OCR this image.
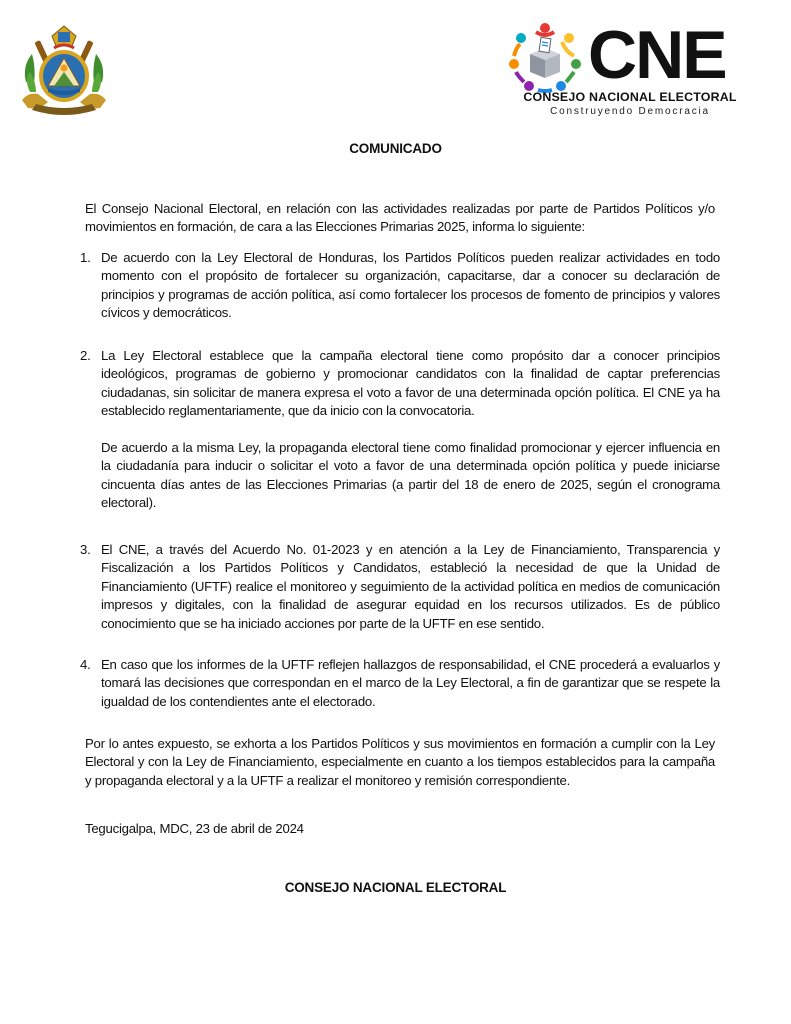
CNE
CONSEJO NACIONAL ELECTORAL
Construyendo Democracia
COMUNICADO
El Consejo Nacional Electoral, en relación con las actividades realizadas por parte de Partidos Políticos y/o movimientos en formación, de cara a las Elecciones Primarias 2025, informa lo siguiente:
1. De acuerdo con la Ley Electoral de Honduras, los Partidos Políticos pueden realizar actividades en todo momento con el propósito de fortalecer su organización, capacitarse, dar a conocer su declaración de principios y programas de acción política, así como fortalecer los procesos de fomento de principios y valores cívicos y democráticos.

2. La Ley Electoral establece que la campaña electoral tiene como propósito dar a conocer principios ideológicos, programas de gobierno y promocionar candidatos con la finalidad de captar preferencias ciudadanas, sin solicitar de manera expresa el voto a favor de una determinada opción política. El CNE ya ha establecido reglamentariamente, que da inicio con la convocatoria.

De acuerdo a la misma Ley, la propaganda electoral tiene como finalidad promocionar y ejercer influencia en la ciudadanía para inducir o solicitar el voto a favor de una determinada opción política y puede iniciarse cincuenta días antes de las Elecciones Primarias (a partir del 18 de enero de 2025, según el cronograma electoral).

3. El CNE, a través del Acuerdo No. 01-2023 y en atención a la Ley de Financiamiento, Transparencia y Fiscalización a los Partidos Políticos y Candidatos, estableció la necesidad de que la Unidad de Financiamiento (UFTF) realice el monitoreo y seguimiento de la actividad política en medios de comunicación impresos y digitales, con la finalidad de asegurar equidad en los recursos utilizados. Es de público conocimiento que se ha iniciado acciones por parte de la UFTF en ese sentido.

4. En caso que los informes de la UFTF reflejen hallazgos de responsabilidad, el CNE procederá a evaluarlos y tomará las decisiones que correspondan en el marco de la Ley Electoral, a fin de garantizar que se respete la igualdad de los contendientes ante el electorado.

Por lo antes expuesto, se exhorta a los Partidos Políticos y sus movimientos en formación a cumplir con la Ley Electoral y con la Ley de Financiamiento, especialmente en cuanto a los tiempos establecidos para la campaña y propaganda electoral y a la UFTF a realizar el monitoreo y remisión correspondiente.
Tegucigalpa, MDC, 23 de abril de 2024
CONSEJO NACIONAL ELECTORAL
